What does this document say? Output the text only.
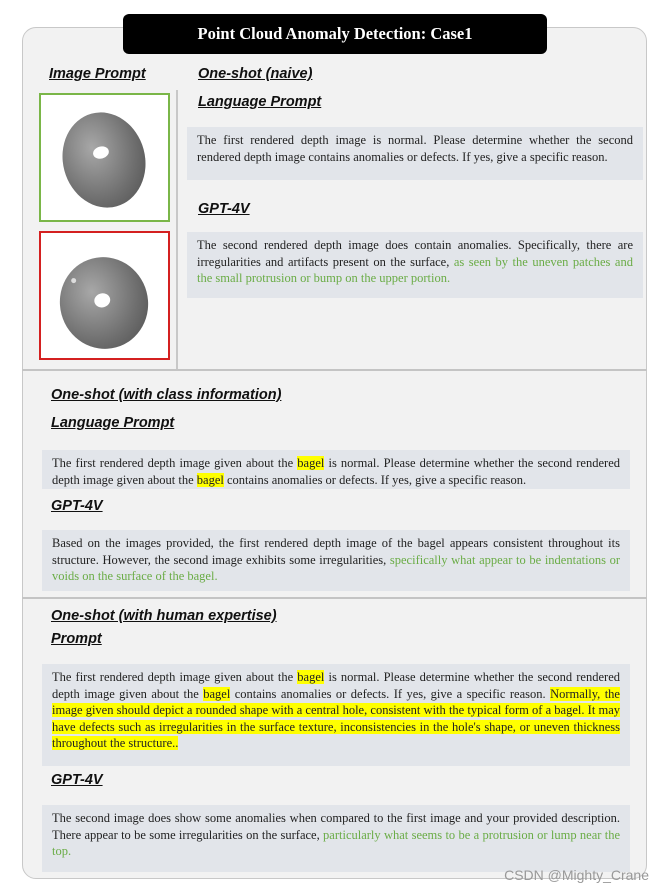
Point Cloud Anomaly Detection: Case1
Image Prompt	One-shot (naive)
Language Prompt
The first rendered depth image is normal. Please determine whether the second rendered depth image contains anomalies or defects. If yes, give a specific reason.
GPT-4V
The second rendered depth image does contain anomalies. Specifically, there are irregularities and artifacts present on the surface, as seen by the uneven patches and the small protrusion or bump on the upper portion.
One-shot (with class information)
Language Prompt
The first rendered depth image given about the bagel is normal. Please determine whether the second rendered depth image given about the bagel contains anomalies or defects. If yes, give a specific reason.
GPT-4V
Based on the images provided, the first rendered depth image of the bagel appears consistent throughout its structure. However, the second image exhibits some irregularities, specifically what appear to be indentations or voids on the surface of the bagel.
One-shot (with human expertise)
Prompt
The first rendered depth image given about the bagel is normal. Please determine whether the second rendered depth image given about the bagel contains anomalies or defects. If yes, give a specific reason. Normally, the image given should depict a rounded shape with a central hole, consistent with the typical form of a bagel. It may have defects such as irregularities in the surface texture, inconsistencies in the hole's shape, or uneven thickness throughout the structure..
GPT-4V
The second image does show some anomalies when compared to the first image and your provided description. There appear to be some irregularities on the surface, particularly what seems to be a protrusion or lump near the top.
CSDN @Mighty_Crane
